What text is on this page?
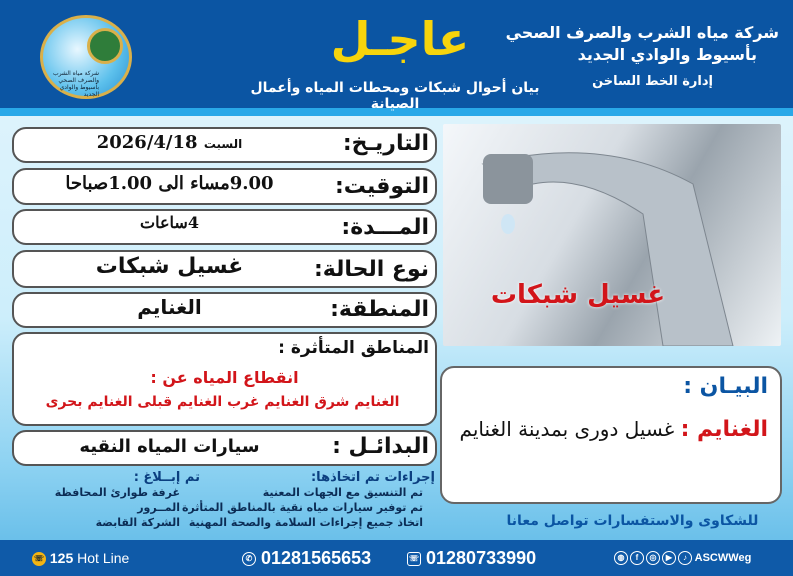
شركة مياه الشرب والصرف الصحي بأسيوط والوادي الجديد
شركة مياه الشرب والصرف الصحي
بأسيوط والوادي الجديد
إدارة الخط الساخن
عاجـل
بيان أحوال شبكات ومحطات المياه وأعمال الصيانة
التاريـخ:
السبت 2026/4/18
التوقيت:
9.00مساء الى 1.00صباحا
المـــدة:
4ساعات
نوع الحالة:
غسيل شبكات
المنطقة:
الغنايم
المناطق المتأثرة :
انقطاع المياه عن :
الغنايم شرق الغنايم غرب الغنايم قبلى الغنايم بحرى
البدائـل :
سيارات المياه النقيه
غسيل شبكات
البيـان :
الغنايم : غسيل دورى بمدينة الغنايم
إجراءات تم اتخاذها:
تم التنسيق مع الجهات المعنية
تم توفير سيارات مياه نقية بالمناطق المتأثرة
اتخاذ جميع إجراءات السلامة والصحة المهنية
تم إبــلاغ :
غرفة طوارئ المحافظة
المــرور
الشركة القابضة	للشكاوى والاستفسارات تواصل معانا
☏ 125 Hot Line	✆ 01281565653	☏ 01280733990	◍ f ◎ ▶ ♪ ASCWWeg
